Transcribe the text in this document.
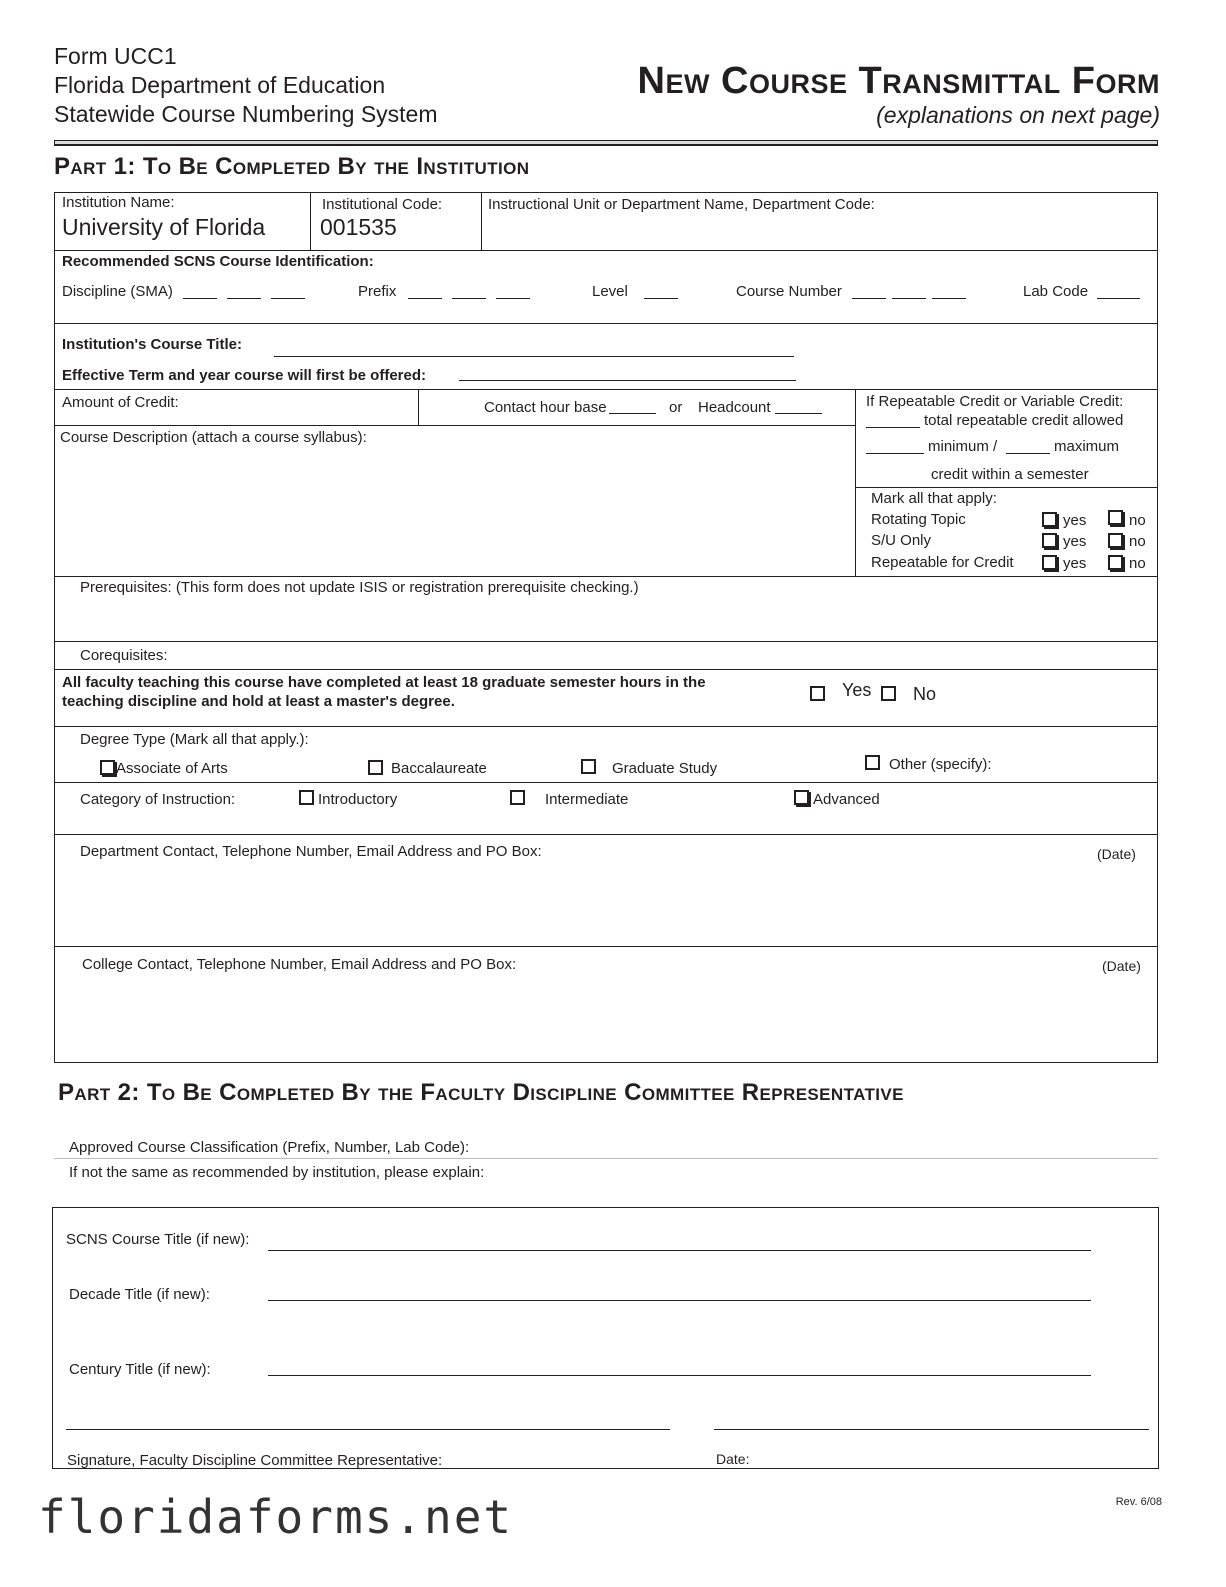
Form UCC1
Florida Department of Education
Statewide Course Numbering System
New Course Transmittal Form
(explanations on next page)
Part 1: To Be Completed By the Institution
Institution Name:
University of Florida
Institutional Code:
001535
Instructional Unit or Department Name, Department Code:
Recommended SCNS Course Identification:
Discipline (SMA)	Prefix	Level	Course Number	Lab Code
Institution's Course Title:
Effective Term and year course will first be offered:
Amount of Credit:	Contact hour base	or Headcount
Course Description (attach a course syllabus):
If Repeatable Credit or Variable Credit:
total repeatable credit allowed
minimum /	maximum
credit within a semester
Mark all that apply:
Rotating Topic	yes	no
S/U Only	yes	no
Repeatable for Credit	yes	no
Prerequisites: (This form does not update ISIS or registration prerequisite checking.)
Corequisites:
All faculty teaching this course have completed at least 18 graduate semester hours in the
teaching discipline and hold at least a master's degree.
Yes No
Degree Type (Mark all that apply.):
Associate of Arts	Baccalaureate	Graduate Study	Other (specify):
Category of Instruction:	Introductory	Intermediate	Advanced
Department Contact, Telephone Number, Email Address and PO Box:	(Date)
College Contact, Telephone Number, Email Address and PO Box:	(Date)
Part 2: To Be Completed By the Faculty Discipline Committee Representative
Approved Course Classification (Prefix, Number, Lab Code):
If not the same as recommended by institution, please explain:
SCNS Course Title (if new):
Decade Title (if new):
Century Title (if new):
Signature, Faculty Discipline Committee Representative:	Date:
floridaforms.net	Rev. 6/08
